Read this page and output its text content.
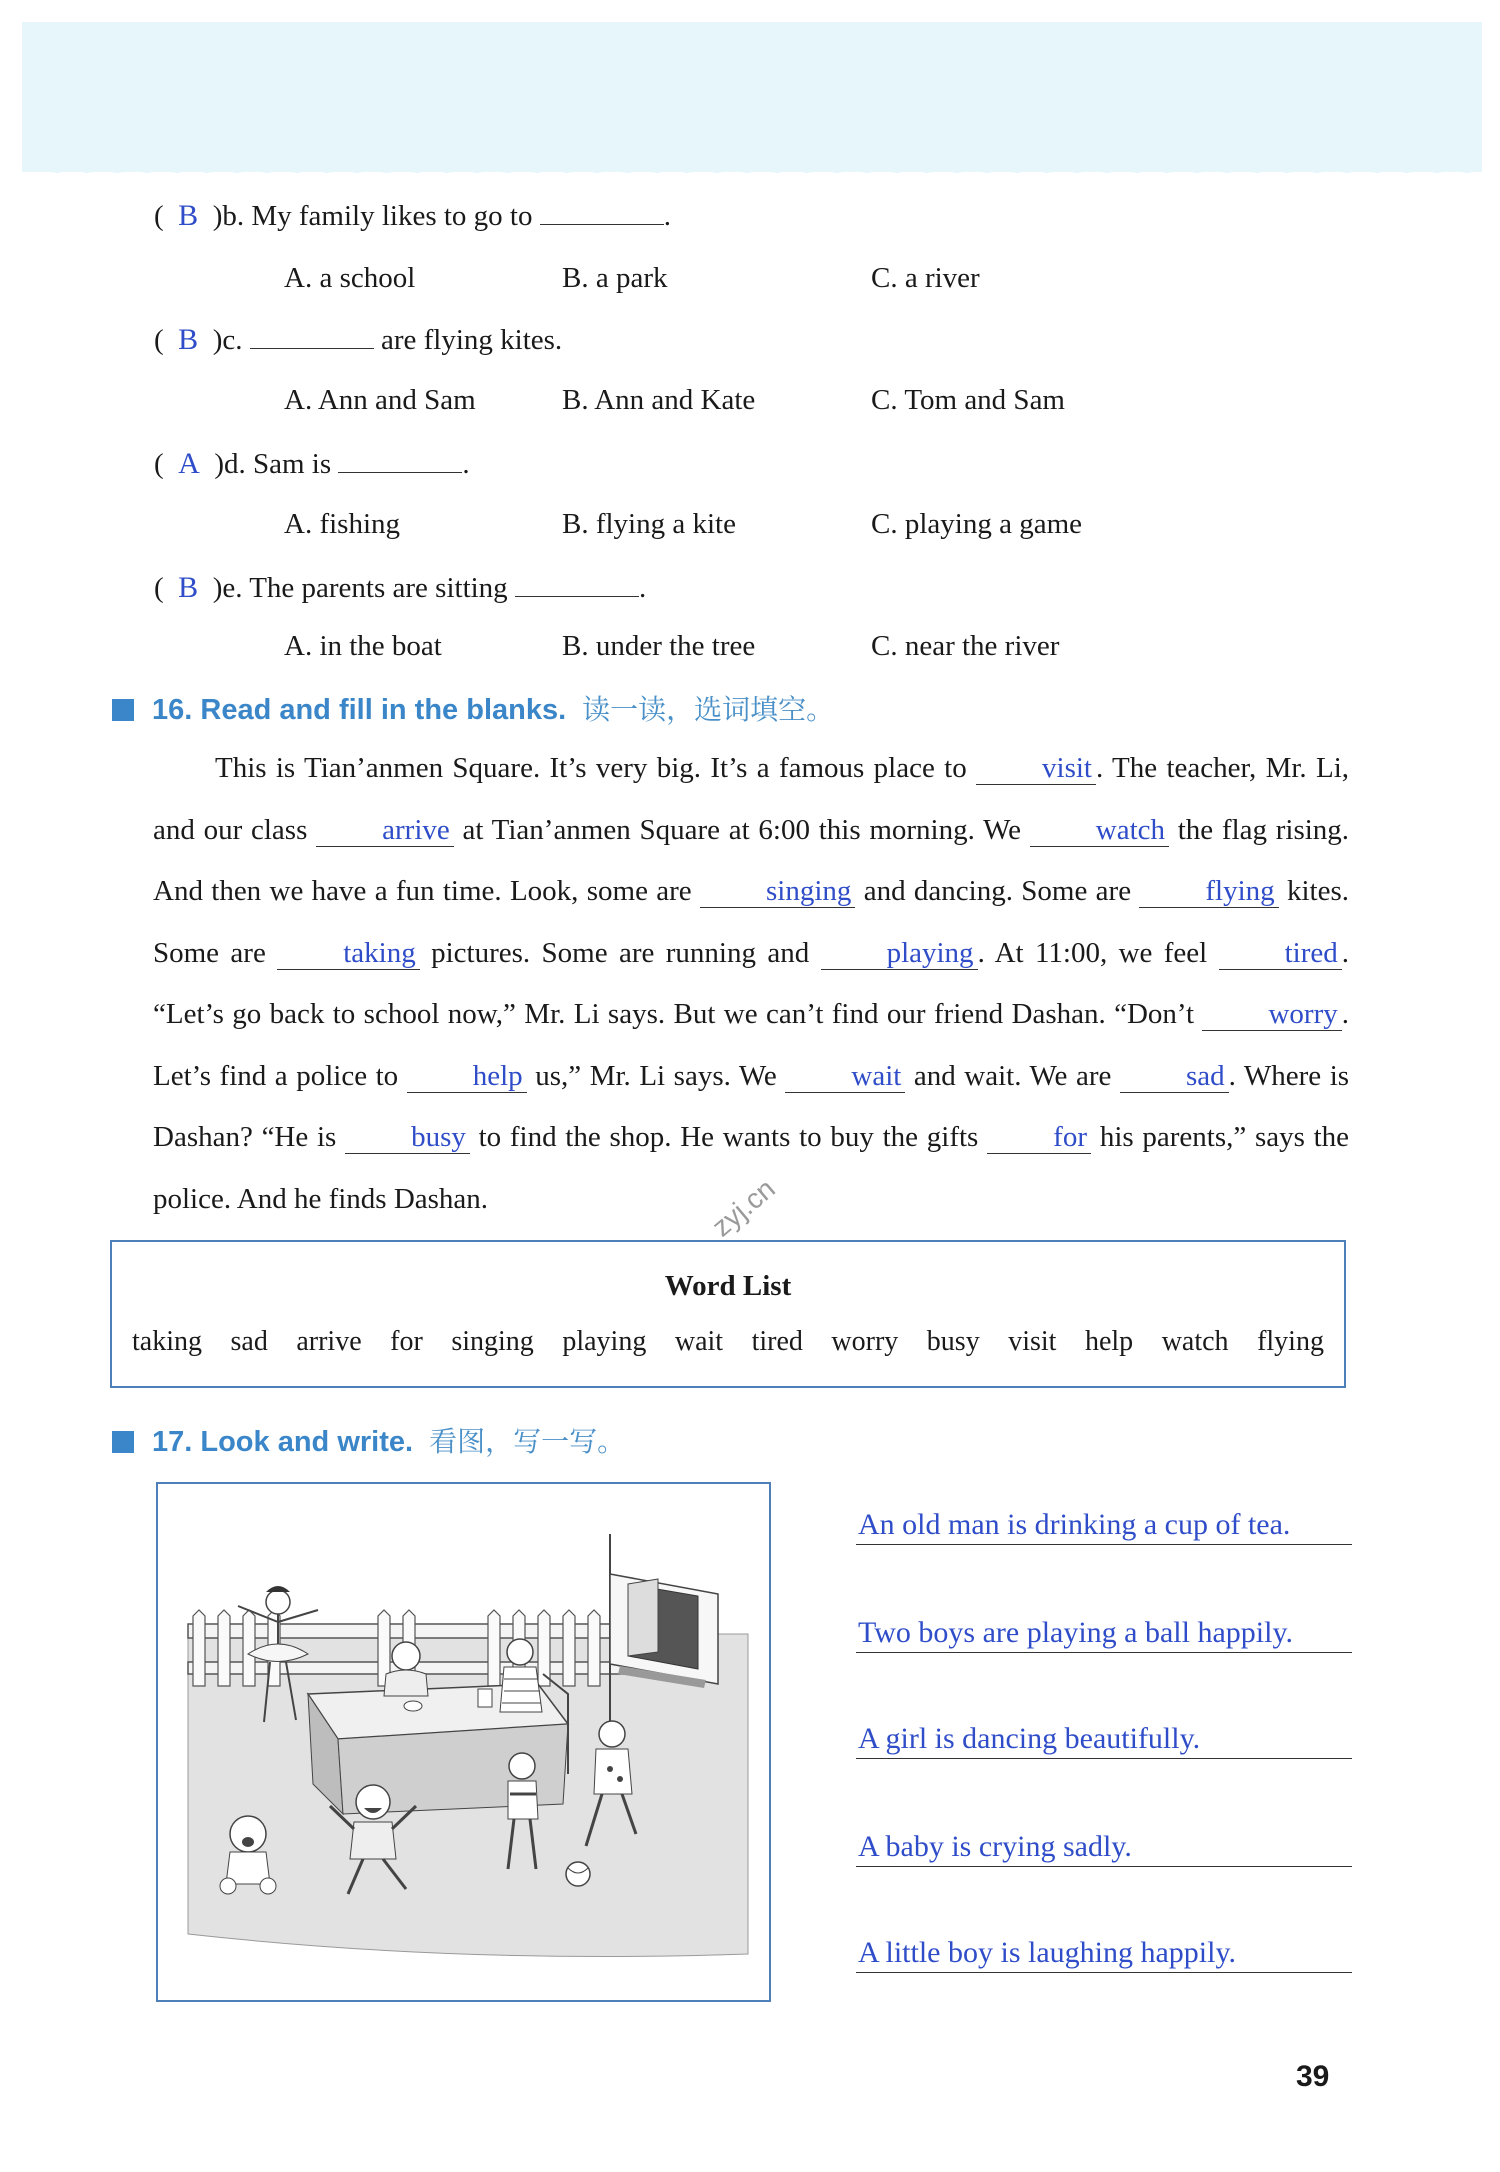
(  B )b. My family likes to go to	.
A. a school	B. a park	C. a river
(  B )c.	are flying kites.
A. Ann and Sam	B. Ann and Kate	C. Tom and Sam
(  A )d. Sam is	.
A. fishing	B. flying a kite	C. playing a game
(  B )e. The parents are sitting	.
A. in the boat	B. under the tree	C. near the river
16. Read and fill in the blanks. 读一读，选词填空。
This is Tian’anmen Square. It’s very big. It’s a famous place to	visit . The teacher, Mr. Li, and our class	arrive at Tian’anmen Square at 6:00 this morning. We	watch the flag rising. And then we have a fun time. Look, some are	singing and dancing. Some are	flying kites. Some are	taking pictures. Some are running and	playing . At 11:00, we feel	tired . “Let’s go back to school now,” Mr. Li says. But we can’t find our friend Dashan. “Don’t	worry . Let’s find a police to	help us,” Mr. Li says. We	wait and wait. We are	sad . Where is Dashan? “He is	busy to find the shop. He wants to buy the gifts	for his parents,” says the police. And he finds Dashan.	zyj.cn
Word List
taking sad arrive for singing playing wait tired worry busy visit help watch flying
17. Look and write. 看图，写一写。
An old man is drinking a cup of tea.
Two boys are playing a ball happily.
A girl is dancing beautifully.
A baby is crying sadly.
A little boy is laughing happily.
39
